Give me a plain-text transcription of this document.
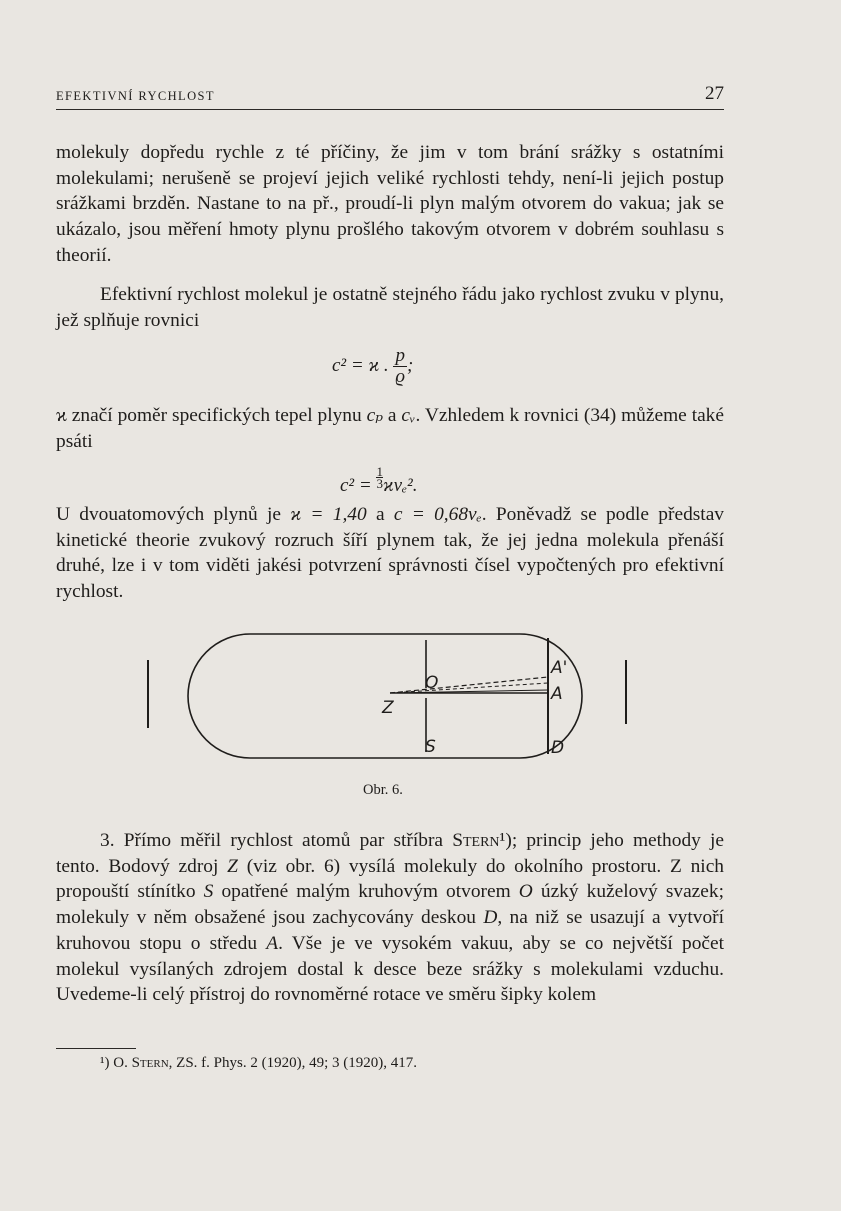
EFEKTIVNÍ RYCHLOST	27

molekuly dopředu rychle z té příčiny, že jim v tom brání srážky s ostatními molekulami; nerušeně se projeví jejich veliké rychlosti tehdy, není-li jejich postup srážkami brzděn. Nastane to na př., proudí-li plyn malým otvorem do vakua; jak se ukázalo, jsou měření hmoty plynu prošlého takovým otvorem v dobrém souhlasu s theorií.

Efektivní rychlost molekul je ostatně stejného řádu jako rychlost zvuku v plynu, jež splňuje rovnici

c² = ϰ . $\frac{p}{ϱ}$ ;

ϰ značí poměr specifických tepel plynu cₚ a cᵥ. Vzhledem k rovnici (34) můžeme také psáti

$c^2 = \frac{1}{3}ϰv_e^2$.

U dvouatomových plynů je ϰ = 1,40 a c = 0,68vₑ. Poněvadž se podle představ kinetické theorie zvukový rozruch šíří plynem tak, že jej jedna molekula přenáší druhé, lze i v tom viděti jakési potvrzení správnosti čísel vypočtených pro efektivní rychlost.

O
Z
S
A'
A
D
Obr. 6.

3. Přímo měřil rychlost atomů par stříbra Stern¹); princip jeho methody je tento. Bodový zdroj Z (viz obr. 6) vysílá molekuly do okolního prostoru. Z nich propouští stínítko S opatřené malým kruhovým otvorem O úzký kuželový svazek; molekuly v něm obsažené jsou zachycovány deskou D, na niž se usazují a vytvoří kruhovou stopu o středu A. Vše je ve vysokém vakuu, aby se co největší počet molekul vysílaných zdrojem dostal k desce beze srážky s molekulami vzduchu. Uvedeme-li celý přístroj do rovnoměrné rotace ve směru šipky kolem

¹) O. Stern, ZS. f. Phys. 2 (1920), 49; 3 (1920), 417.
